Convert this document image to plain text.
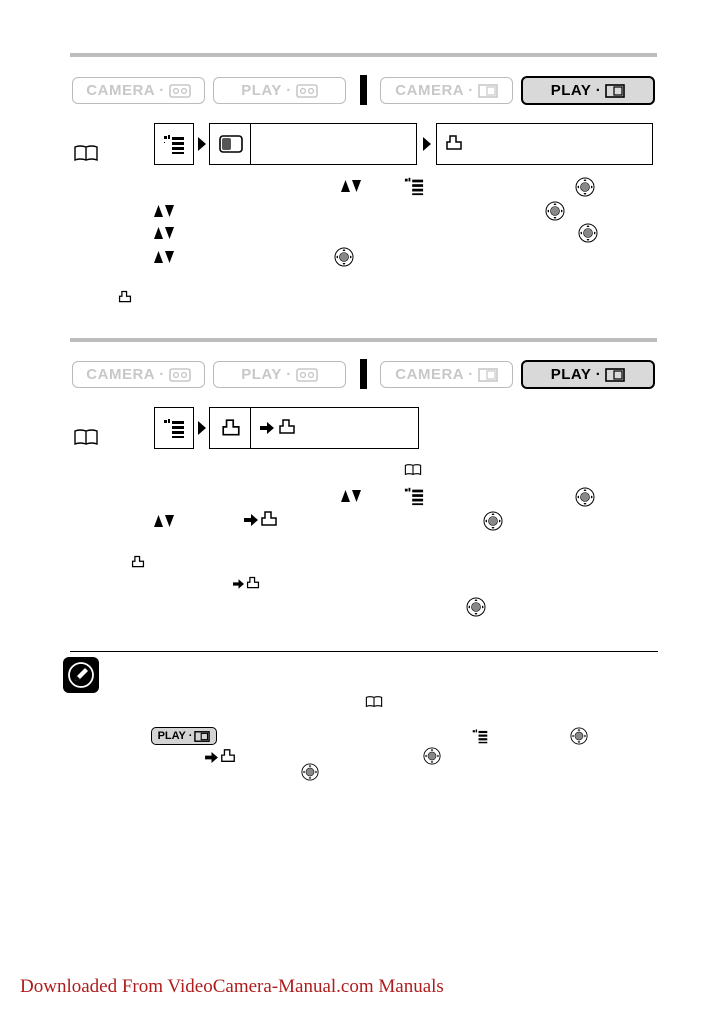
CAMERA ·	PLAY ·	CAMERA ·	PLAY ·
CAMERA ·	PLAY ·	CAMERA ·	PLAY ·
PLAY ·
Downloaded From VideoCamera-Manual.com Manuals
